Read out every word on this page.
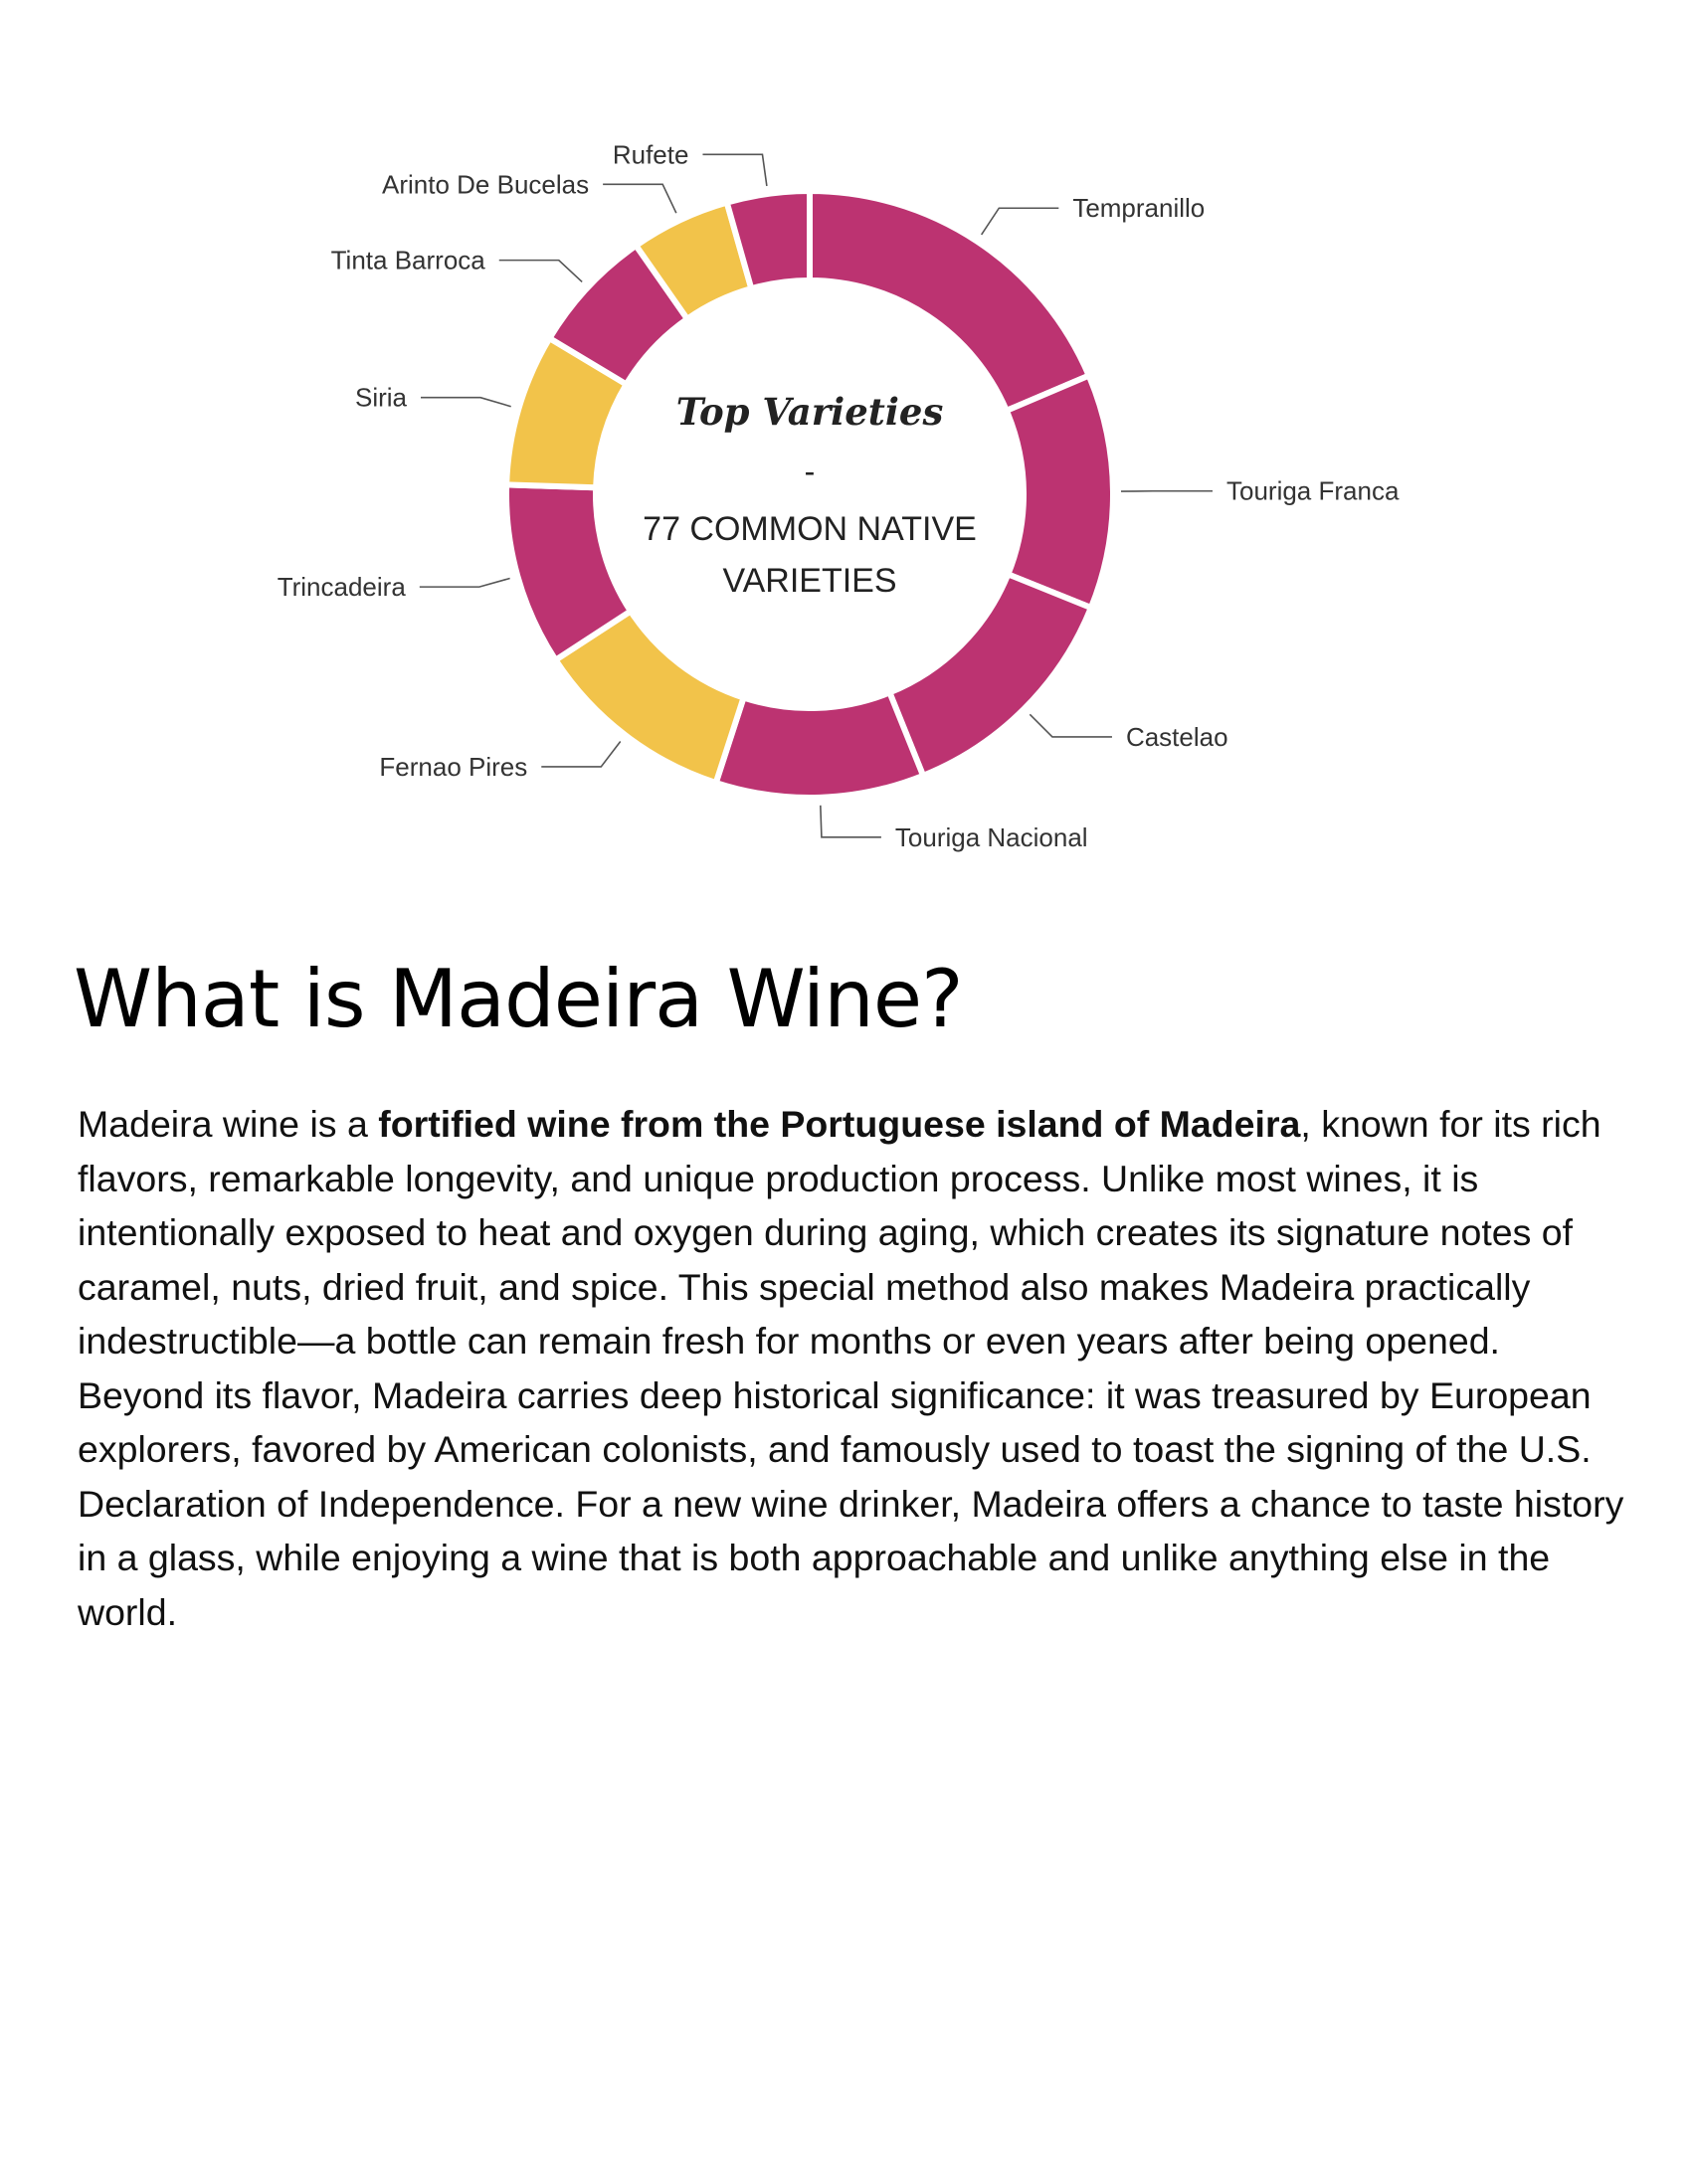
Tempranillo
Touriga Franca
Castelao
Touriga Nacional
Fernao Pires
Trincadeira
Siria
Tinta Barroca
Arinto De Bucelas
Rufete
Top Varieties
-
77 COMMON NATIVE VARIETIES
What is Madeira Wine?

Madeira wine is a fortified wine from the Portuguese island of Madeira, known for its rich flavors, remarkable longevity, and unique production process. Unlike most wines, it is intentionally exposed to heat and oxygen during aging, which creates its signature notes of caramel, nuts, dried fruit, and spice. This special method also makes Madeira practically indestructible—a bottle can remain fresh for months or even years after being opened. Beyond its flavor, Madeira carries deep historical significance: it was treasured by European explorers, favored by American colonists, and famously used to toast the signing of the U.S. Declaration of Independence. For a new wine drinker, Madeira offers a chance to taste history in a glass, while enjoying a wine that is both approachable and unlike anything else in the world.
